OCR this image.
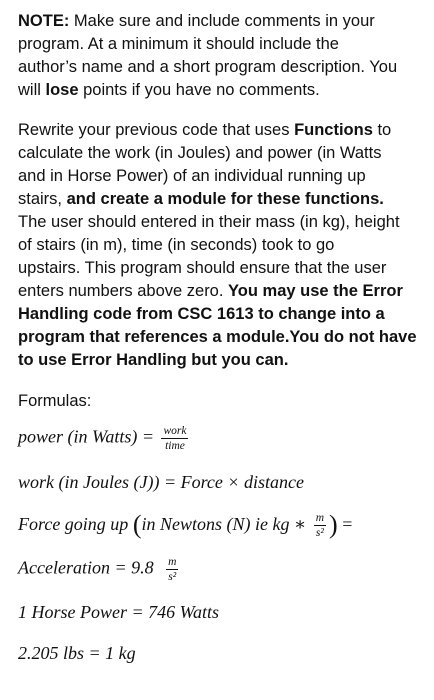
NOTE: Make sure and include comments in your
program. At a minimum it should include the
author’s name and a short program description. You
will lose points if you have no comments.
Rewrite your previous code that uses Functions to
calculate the work (in Joules) and power (in Watts
and in Horse Power) of an individual running up
stairs, and create a module for these functions.
The user should entered in their mass (in kg), height
of stairs (in m), time (in seconds) took to go
upstairs. This program should ensure that the user
enters numbers above zero. You may use the Error
Handling code from CSC 1613 to change into a
program that references a module.You do not have
to use Error Handling but you can.
Formulas:
power (in Watts) = $\frac{\text{work}}{\text{time}}$
work (in Joules (J)) = Force × distance
Force going up (in Newtons (N) ie kg ∗ $\frac{m}{\text{s²}}$ ) =
Acceleration = $9.8 \frac{m}{\text{s²}}$
1 Horse Power = 746 Watts
2.205 lbs = 1 kg
